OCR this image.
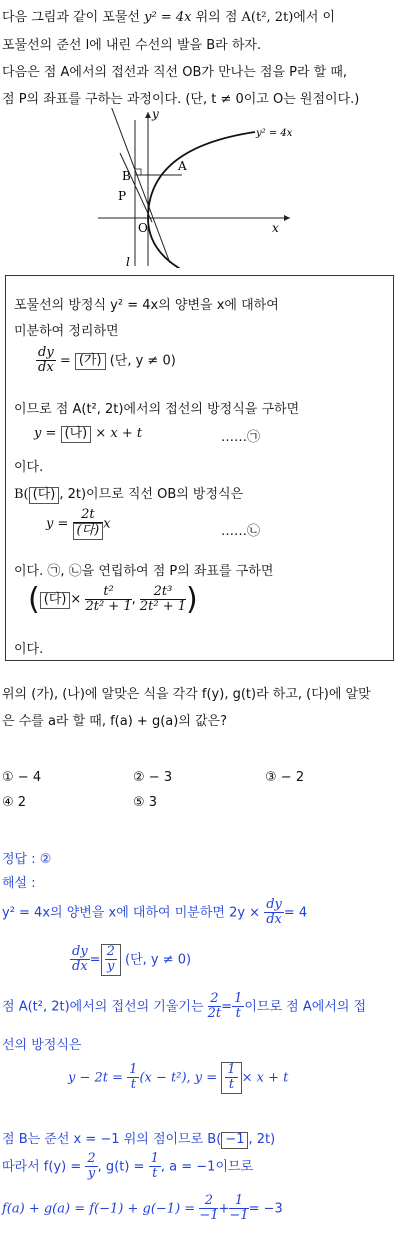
다음 그림과 같이 포물선 y² = 4x 위의 점 A(t², 2t)에서 이
포물선의 준선 l에 내린 수선의 발을 B라 하자.
다음은 점 A에서의 접선과 직선 OB가 만나는 점을 P라 할 때,
점 P의 좌표를 구하는 과정이다. (단, t ≠ 0이고 O는 원점이다.)
y
x
y² = 4x
A
B
P
O
l
포물선의 방정식 y² = 4x의 양변을 x에 대하여
미분하여 정리하면
$\frac{dy}{dx}$ = (가) (단, y ≠ 0)
이므로 점 A(t², 2t)에서의 접선의 방정식을 구하면
y = (나) × x + t	……㉠
이다.
B( (다) , 2t)이므로 직선 OB의 방정식은
$y = \frac{2t}{\text{(다)}}$ x	……㉡
이다. ㉠, ㉡을 연립하여 점 P의 좌표를 구하면
( (다) × $\frac{\text{t²}}{\text{2t² + 1}}$ , $\frac{\text{2t³}}{\text{2t² + 1}}$ )
이다.
위의 (가), (나)에 알맞은 식을 각각 f(y), g(t)라 하고, (다)에 알맞
은 수를 a라 할 때, f(a) + g(a)의 값은?
① − 4	② − 3	③ − 2
④ 2	⑤ 3
정답 : ②
해설 :
y² = 4x의 양변을 x에 대하여 미분하면 $2y \times \frac{dy}{dx} = 4$
$\frac{dy}{dx} = \frac{2}{y}$ (단, y ≠ 0)
점 A(t², 2t)에서의 접선의 기울기는 $\frac{2}{2t} = \frac{1}{t}$ 이므로 점 A에서의 접
선의 방정식은
$y - 2t = \frac{1}{t} (x - t^2)$, $y = \frac{1}{t} \times x + t$
점 B는 준선 x = −1 위의 점이므로 B( −1 , 2t)
따라서 $f(y) = \frac{2}{y}$ , $g(t) = \frac{1}{t}$ , a = −1이므로
$f(a) + g(a) = f(-1) + g(-1) = \frac{2}{-1} + \frac{1}{-1} = -3$
